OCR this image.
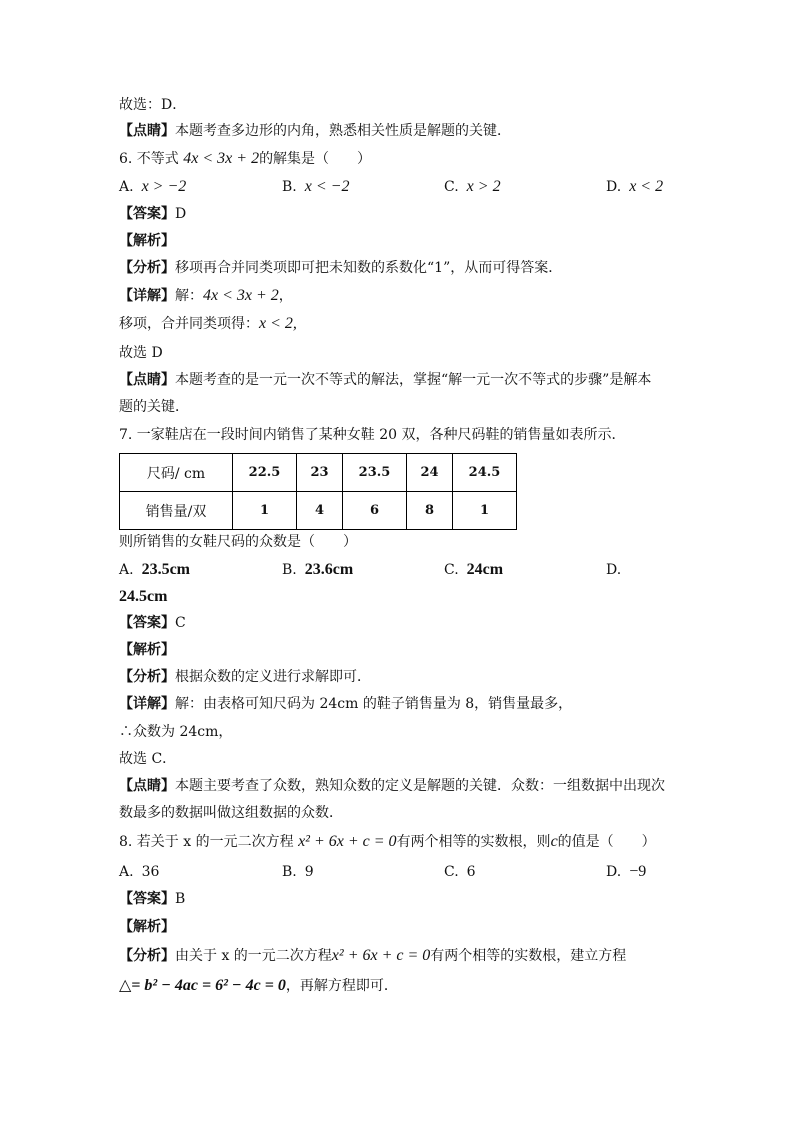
故选：D．
【点睛】本题考查多边形的内角，熟悉相关性质是解题的关键．
6. 不等式 4x < 3x + 2的解集是（　　）
A. x > −2	B. x < −2	C. x > 2	D. x < 2
【答案】D
【解析】
【分析】移项再合并同类项即可把未知数的系数化“1”，从而可得答案．
【详解】解：4x < 3x + 2，
移项，合并同类项得：x < 2,
故选 D
【点睛】本题考查的是一元一次不等式的解法，掌握“解一元一次不等式的步骤”是解本
题的关键．
7. 一家鞋店在一段时间内销售了某种女鞋 20 双，各种尺码鞋的销售量如表所示．
尺码/ cm	22.5	23	23.5	24	24.5
销售量/双	1	4	6	8	1
则所销售的女鞋尺码的众数是（　　）
A. 23.5cm	B. 23.6cm	C. 24cm	D.
24.5cm
【答案】C
【解析】
【分析】根据众数的定义进行求解即可．
【详解】解：由表格可知尺码为 24cm 的鞋子销售量为 8，销售量最多，
∴众数为 24cm，
故选 C．
【点睛】本题主要考查了众数，熟知众数的定义是解题的关键．众数：一组数据中出现次
数最多的数据叫做这组数据的众数．
8. 若关于 x 的一元二次方程 x² + 6x + c = 0有两个相等的实数根，则c的值是（　　）
A. 36	B. 9	C. 6	D. −9
【答案】B
【解析】
【分析】由关于 x 的一元二次方程x² + 6x + c = 0有两个相等的实数根，建立方程
△= b² − 4ac = 6² − 4c = 0，再解方程即可．
